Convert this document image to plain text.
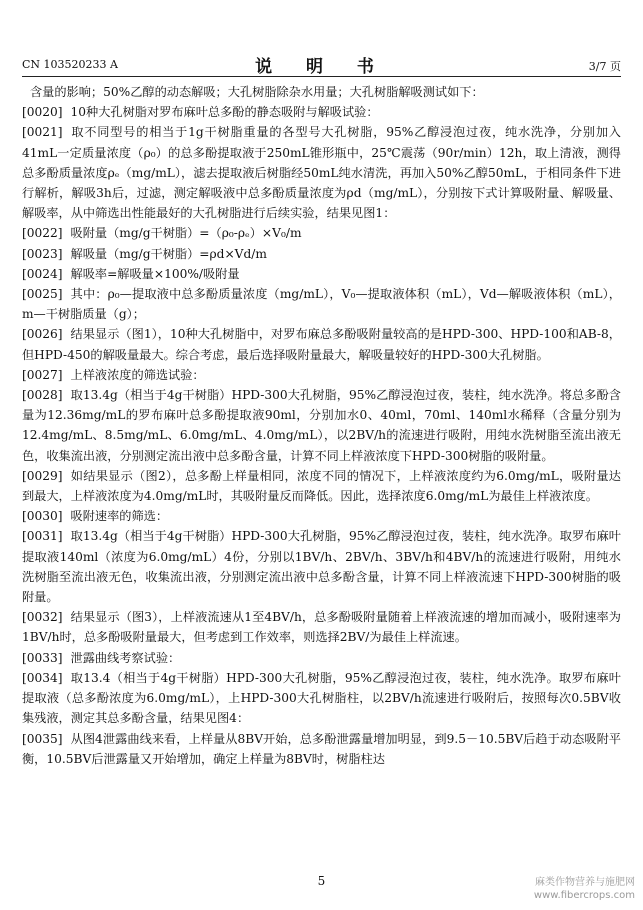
CN 103520233 A	说 明 书	3/7 页

含量的影响；50%乙醇的动态解吸；大孔树脂除杂水用量；大孔树脂解吸测试如下：

[0020] 10种大孔树脂对罗布麻叶总多酚的静态吸附与解吸试验：

[0021] 取不同型号的相当于1g干树脂重量的各型号大孔树脂，95%乙醇浸泡过夜，纯水洗净，分别加入41mL一定质量浓度（ρ₀）的总多酚提取液于250mL锥形瓶中，25℃震荡（90r/min）12h，取上清液，测得总多酚质量浓度ρₑ（mg/mL），滤去提取液后树脂经50mL纯水清洗，再加入50%乙醇50mL，于相同条件下进行解析，解吸3h后，过滤，测定解吸液中总多酚质量浓度为ρd（mg/mL），分别按下式计算吸附量、解吸量、解吸率，从中筛选出性能最好的大孔树脂进行后续实验，结果见图1：

[0022] 吸附量（mg/g干树脂）=（ρ₀-ρₑ）×V₀/m

[0023] 解吸量（mg/g干树脂）=ρd×Vd/m

[0024] 解吸率=解吸量×100%/吸附量

[0025] 其中：ρ₀—提取液中总多酚质量浓度（mg/mL），V₀—提取液体积（mL），Vd—解吸液体积（mL），m—干树脂质量（g）；

[0026] 结果显示（图1），10种大孔树脂中，对罗布麻总多酚吸附量较高的是HPD-300、HPD-100和AB-8，但HPD-450的解吸量最大。综合考虑，最后选择吸附量最大，解吸量较好的HPD-300大孔树脂。

[0027] 上样液浓度的筛选试验：

[0028] 取13.4g（相当于4g干树脂）HPD-300大孔树脂，95%乙醇浸泡过夜，装柱，纯水洗净。将总多酚含量为12.36mg/mL的罗布麻叶总多酚提取液90ml，分别加水0、40ml，70ml、140ml水稀释（含量分别为12.4mg/mL、8.5mg/mL、6.0mg/mL、4.0mg/mL），以2BV/h的流速进行吸附，用纯水洗树脂至流出液无色，收集流出液，分别测定流出液中总多酚含量，计算不同上样液浓度下HPD-300树脂的吸附量。

[0029] 如结果显示（图2），总多酚上样量相同，浓度不同的情况下，上样液浓度约为6.0mg/mL，吸附量达到最大，上样液浓度为4.0mg/mL时，其吸附量反而降低。因此，选择浓度6.0mg/mL为最佳上样液浓度。

[0030] 吸附速率的筛选：

[0031] 取13.4g（相当于4g干树脂）HPD-300大孔树脂，95%乙醇浸泡过夜，装柱，纯水洗净。取罗布麻叶提取液140ml（浓度为6.0mg/mL）4份，分别以1BV/h、2BV/h、3BV/h和4BV/h的流速进行吸附，用纯水洗树脂至流出液无色，收集流出液，分别测定流出液中总多酚含量，计算不同上样液流速下HPD-300树脂的吸附量。

[0032] 结果显示（图3），上样液流速从1至4BV/h，总多酚吸附量随着上样液流速的增加而减小，吸附速率为1BV/h时，总多酚吸附量最大，但考虑到工作效率，则选择2BV/为最佳上样流速。

[0033] 泄露曲线考察试验：

[0034] 取13.4（相当于4g干树脂）HPD-300大孔树脂，95%乙醇浸泡过夜，装柱，纯水洗净。取罗布麻叶提取液（总多酚浓度为6.0mg/mL），上HPD-300大孔树脂柱，以2BV/h流速进行吸附后，按照每次0.5BV收集残液，测定其总多酚含量，结果见图4：

[0035] 从图4泄露曲线来看，上样量从8BV开始，总多酚泄露量增加明显，到9.5－10.5BV后趋于动态吸附平衡，10.5BV后泄露量又开始增加，确定上样量为8BV时，树脂柱达

5	麻类作物营养与施肥网
www.fibercrops.com
